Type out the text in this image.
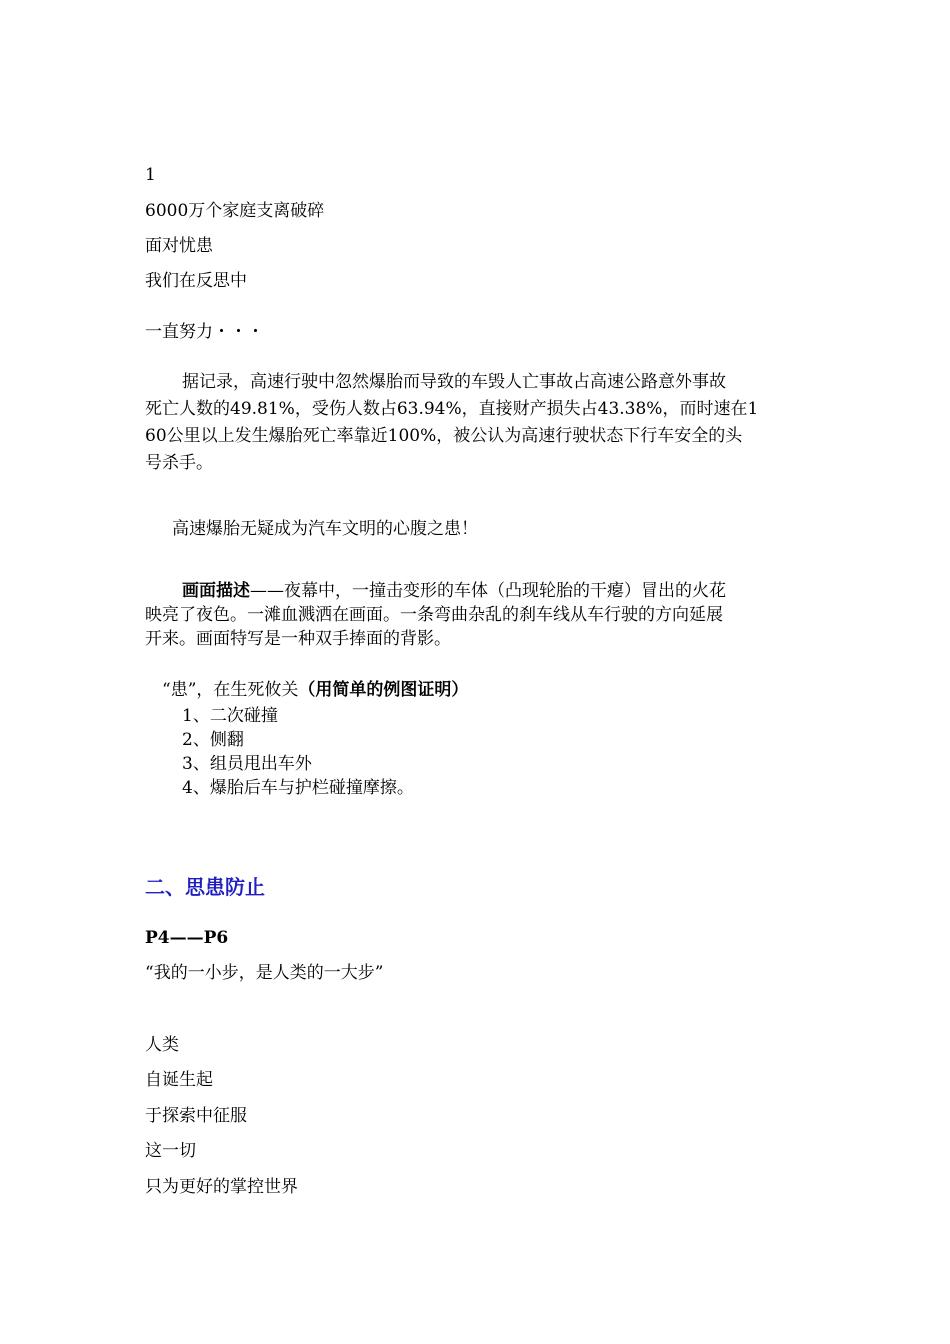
1
6000万个家庭支离破碎
面对忧患
我们在反思中
一直努力・・・
据记录，高速行驶中忽然爆胎而导致的车毁人亡事故占高速公路意外事故
死亡人数的49.81%，受伤人数占63.94%，直接财产损失占43.38%，而时速在1
60公里以上发生爆胎死亡率靠近100%，被公认为高速行驶状态下行车安全的头
号杀手。
高速爆胎无疑成为汽车文明的心腹之患！
画面描述——夜幕中，一撞击变形的车体（凸现轮胎的干瘪）冒出的火花
映亮了夜色。一滩血溅洒在画面。一条弯曲杂乱的刹车线从车行驶的方向延展
开来。画面特写是一种双手捧面的背影。
“患”，在生死攸关（用简单的例图证明）
1、二次碰撞
2、侧翻
3、组员甩出车外
4、爆胎后车与护栏碰撞摩擦。
二、思患防止
P4——P6
“我的一小步，是人类的一大步”
人类
自诞生起
于探索中征服
这一切
只为更好的掌控世界
